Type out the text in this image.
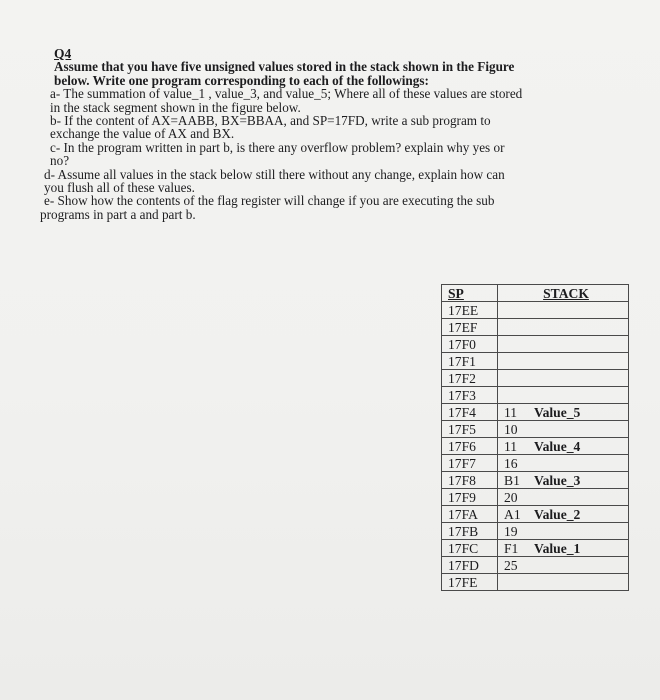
Q4
Assume that you have five unsigned values stored in the stack shown in the Figure
below. Write one program corresponding to each of the followings:
a- The summation of value_1 , value_3, and value_5; Where all of these values are stored
in the stack segment shown in the figure below.
b- If the content of AX=AABB, BX=BBAA, and SP=17FD, write a sub program to
exchange the value of AX and BX.
c- In the program written in part b, is there any overflow problem? explain why yes or
no?
d- Assume all values in the stack below still there without any change, explain how can
you flush all of these values.
e- Show how the contents of the flag register will change if you are executing the sub
programs in part a and part b.
SP	STACK
17EE	
17EF	
17F0	
17F1	
17F2	
17F3	
17F4	11 Value_5
17F5	10
17F6	11 Value_4
17F7	16
17F8	B1 Value_3
17F9	20
17FA	A1 Value_2
17FB	19
17FC	F1 Value_1
17FD	25
17FE	
